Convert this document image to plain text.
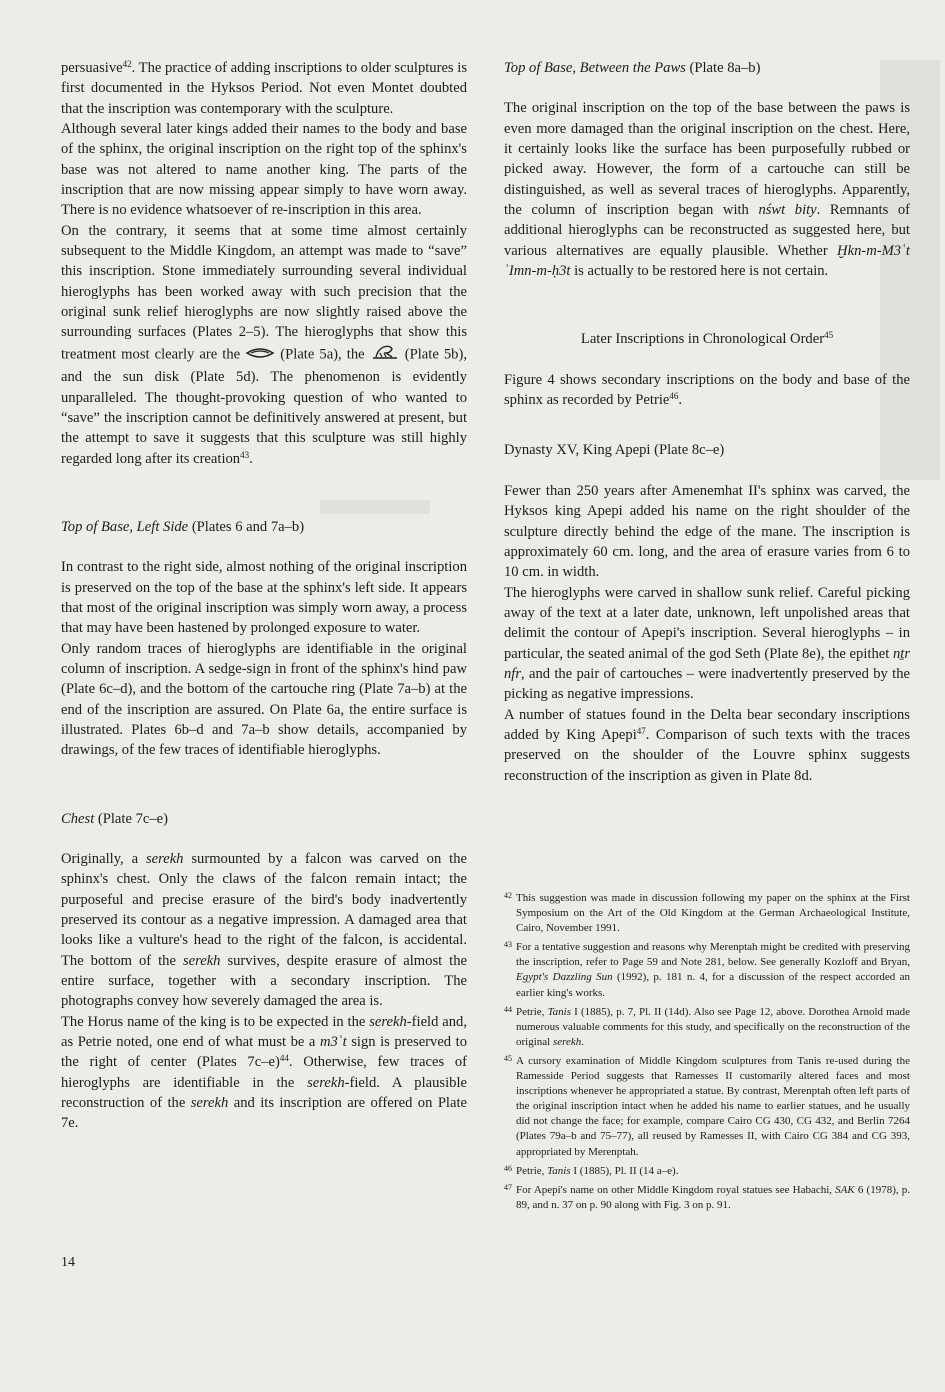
persuasive$^{42}$. The practice of adding inscriptions to older sculptures is first documented in the Hyksos Period. Not even Montet doubted that the inscription was contemporary with the sculpture.

Although several later kings added their names to the body and base of the sphinx, the original inscription on the right top of the sphinx's base was not altered to name another king. The parts of the inscription that are now missing appear simply to have worn away. There is no evidence whatsoever of re-inscription in this area.

On the contrary, it seems that at some time almost certainly subsequent to the Middle Kingdom, an attempt was made to “save” this inscription. Stone immediately surrounding several individual hieroglyphs has been worked away with such precision that the original sunk relief hieroglyphs are now slightly raised above the surrounding surfaces (Plates 2–5). The hieroglyphs that show this treatment most clearly are the	(Plate 5a), the	(Plate 5b), and the sun disk (Plate 5d). The phenomenon is evidently unparalleled. The thought-provoking question of who wanted to “save” the inscription cannot be definitively answered at present, but the attempt to save it suggests that this sculpture was still highly regarded long after its creation$^{43}$.

Top of Base, Left Side (Plates 6 and 7a–b)

In contrast to the right side, almost nothing of the original inscription is preserved on the top of the base at the sphinx's left side. It appears that most of the original inscription was simply worn away, a process that may have been hastened by prolonged exposure to water.

Only random traces of hieroglyphs are identifiable in the original column of inscription. A sedge-sign in front of the sphinx's hind paw (Plate 6c–d), and the bottom of the cartouche ring (Plate 7a–b) at the end of the inscription are assured. On Plate 6a, the entire surface is illustrated. Plates 6b–d and 7a–b show details, accompanied by drawings, of the few traces of identifiable hieroglyphs.

Chest (Plate 7c–e)

Originally, a serekh surmounted by a falcon was carved on the sphinx's chest. Only the claws of the falcon remain intact; the purposeful and precise erasure of the bird's body inadvertently preserved its contour as a negative impression. A damaged area that looks like a vulture's head to the right of the falcon, is accidental. The bottom of the serekh survives, despite erasure of almost the entire surface, together with a secondary inscription. The photographs convey how severely damaged the area is.

The Horus name of the king is to be expected in the serekh-field and, as Petrie noted, one end of what must be a m3ʿt sign is preserved to the right of center (Plates 7c–e)$^{44}$. Otherwise, few traces of hieroglyphs are identifiable in the serekh-field. A plausible reconstruction of the serekh and its inscription are offered on Plate 7e.

Top of Base, Between the Paws (Plate 8a–b)

The original inscription on the top of the base between the paws is even more damaged than the original inscription on the chest. Here, it certainly looks like the surface has been purposefully rubbed or picked away. However, the form of a cartouche can still be distinguished, as well as several traces of hieroglyphs. Apparently, the column of inscription began with nśwt bity. Remnants of additional hieroglyphs can be reconstructed as suggested here, but various alternatives are equally plausible. Whether Ḫkn-m-M3ʿt ʾImn-m-ḥ3t is actually to be restored here is not certain.

Later Inscriptions in Chronological Order$^{45}$

Figure 4 shows secondary inscriptions on the body and base of the sphinx as recorded by Petrie$^{46}$.

Dynasty XV, King Apepi (Plate 8c–e)

Fewer than 250 years after Amenemhat II's sphinx was carved, the Hyksos king Apepi added his name on the right shoulder of the sculpture directly behind the edge of the mane. The inscription is approximately 60 cm. long, and the area of erasure varies from 6 to 10 cm. in width.

The hieroglyphs were carved in shallow sunk relief. Careful picking away of the text at a later date, unknown, left unpolished areas that delimit the contour of Apepi's inscription. Several hieroglyphs – in particular, the seated animal of the god Seth (Plate 8e), the epithet nṯr nfr, and the pair of cartouches – were inadvertently preserved by the picking as negative impressions.

A number of statues found in the Delta bear secondary inscriptions added by King Apepi$^{47}$. Comparison of such texts with the traces preserved on the shoulder of the Louvre sphinx suggests reconstruction of the inscription as given in Plate 8d.

$^{42}$ This suggestion was made in discussion following my paper on the sphinx at the First Symposium on the Art of the Old Kingdom at the German Archaeological Institute, Cairo, November 1991.

$^{43}$ For a tentative suggestion and reasons why Merenptah might be credited with preserving the inscription, refer to Page 59 and Note 281, below. See generally Kozloff and Bryan, Egypt's Dazzling Sun (1992), p. 181 n. 4, for a discussion of the respect accorded an earlier king's works.

$^{44}$ Petrie, Tanis I (1885), p. 7, Pl. II (14d). Also see Page 12, above. Dorothea Arnold made numerous valuable comments for this study, and specifically on the reconstruction of the original serekh.

$^{45}$ A cursory examination of Middle Kingdom sculptures from Tanis re-used during the Ramesside Period suggests that Ramesses II customarily altered faces and most inscriptions whenever he appropriated a statue. By contrast, Merenptah often left parts of the original inscription intact when he added his name to earlier statues, and he usually did not change the face; for example, compare Cairo CG 430, CG 432, and Berlin 7264 (Plates 79a–b and 75–77), all reused by Ramesses II, with Cairo CG 384 and CG 393, appropriated by Merenptah.

$^{46}$ Petrie, Tanis I (1885), Pl. II (14 a–e).

$^{47}$ For Apepi's name on other Middle Kingdom royal statues see Habachi, SAK 6 (1978), p. 89, and n. 37 on p. 90 along with Fig. 3 on p. 91.

14
